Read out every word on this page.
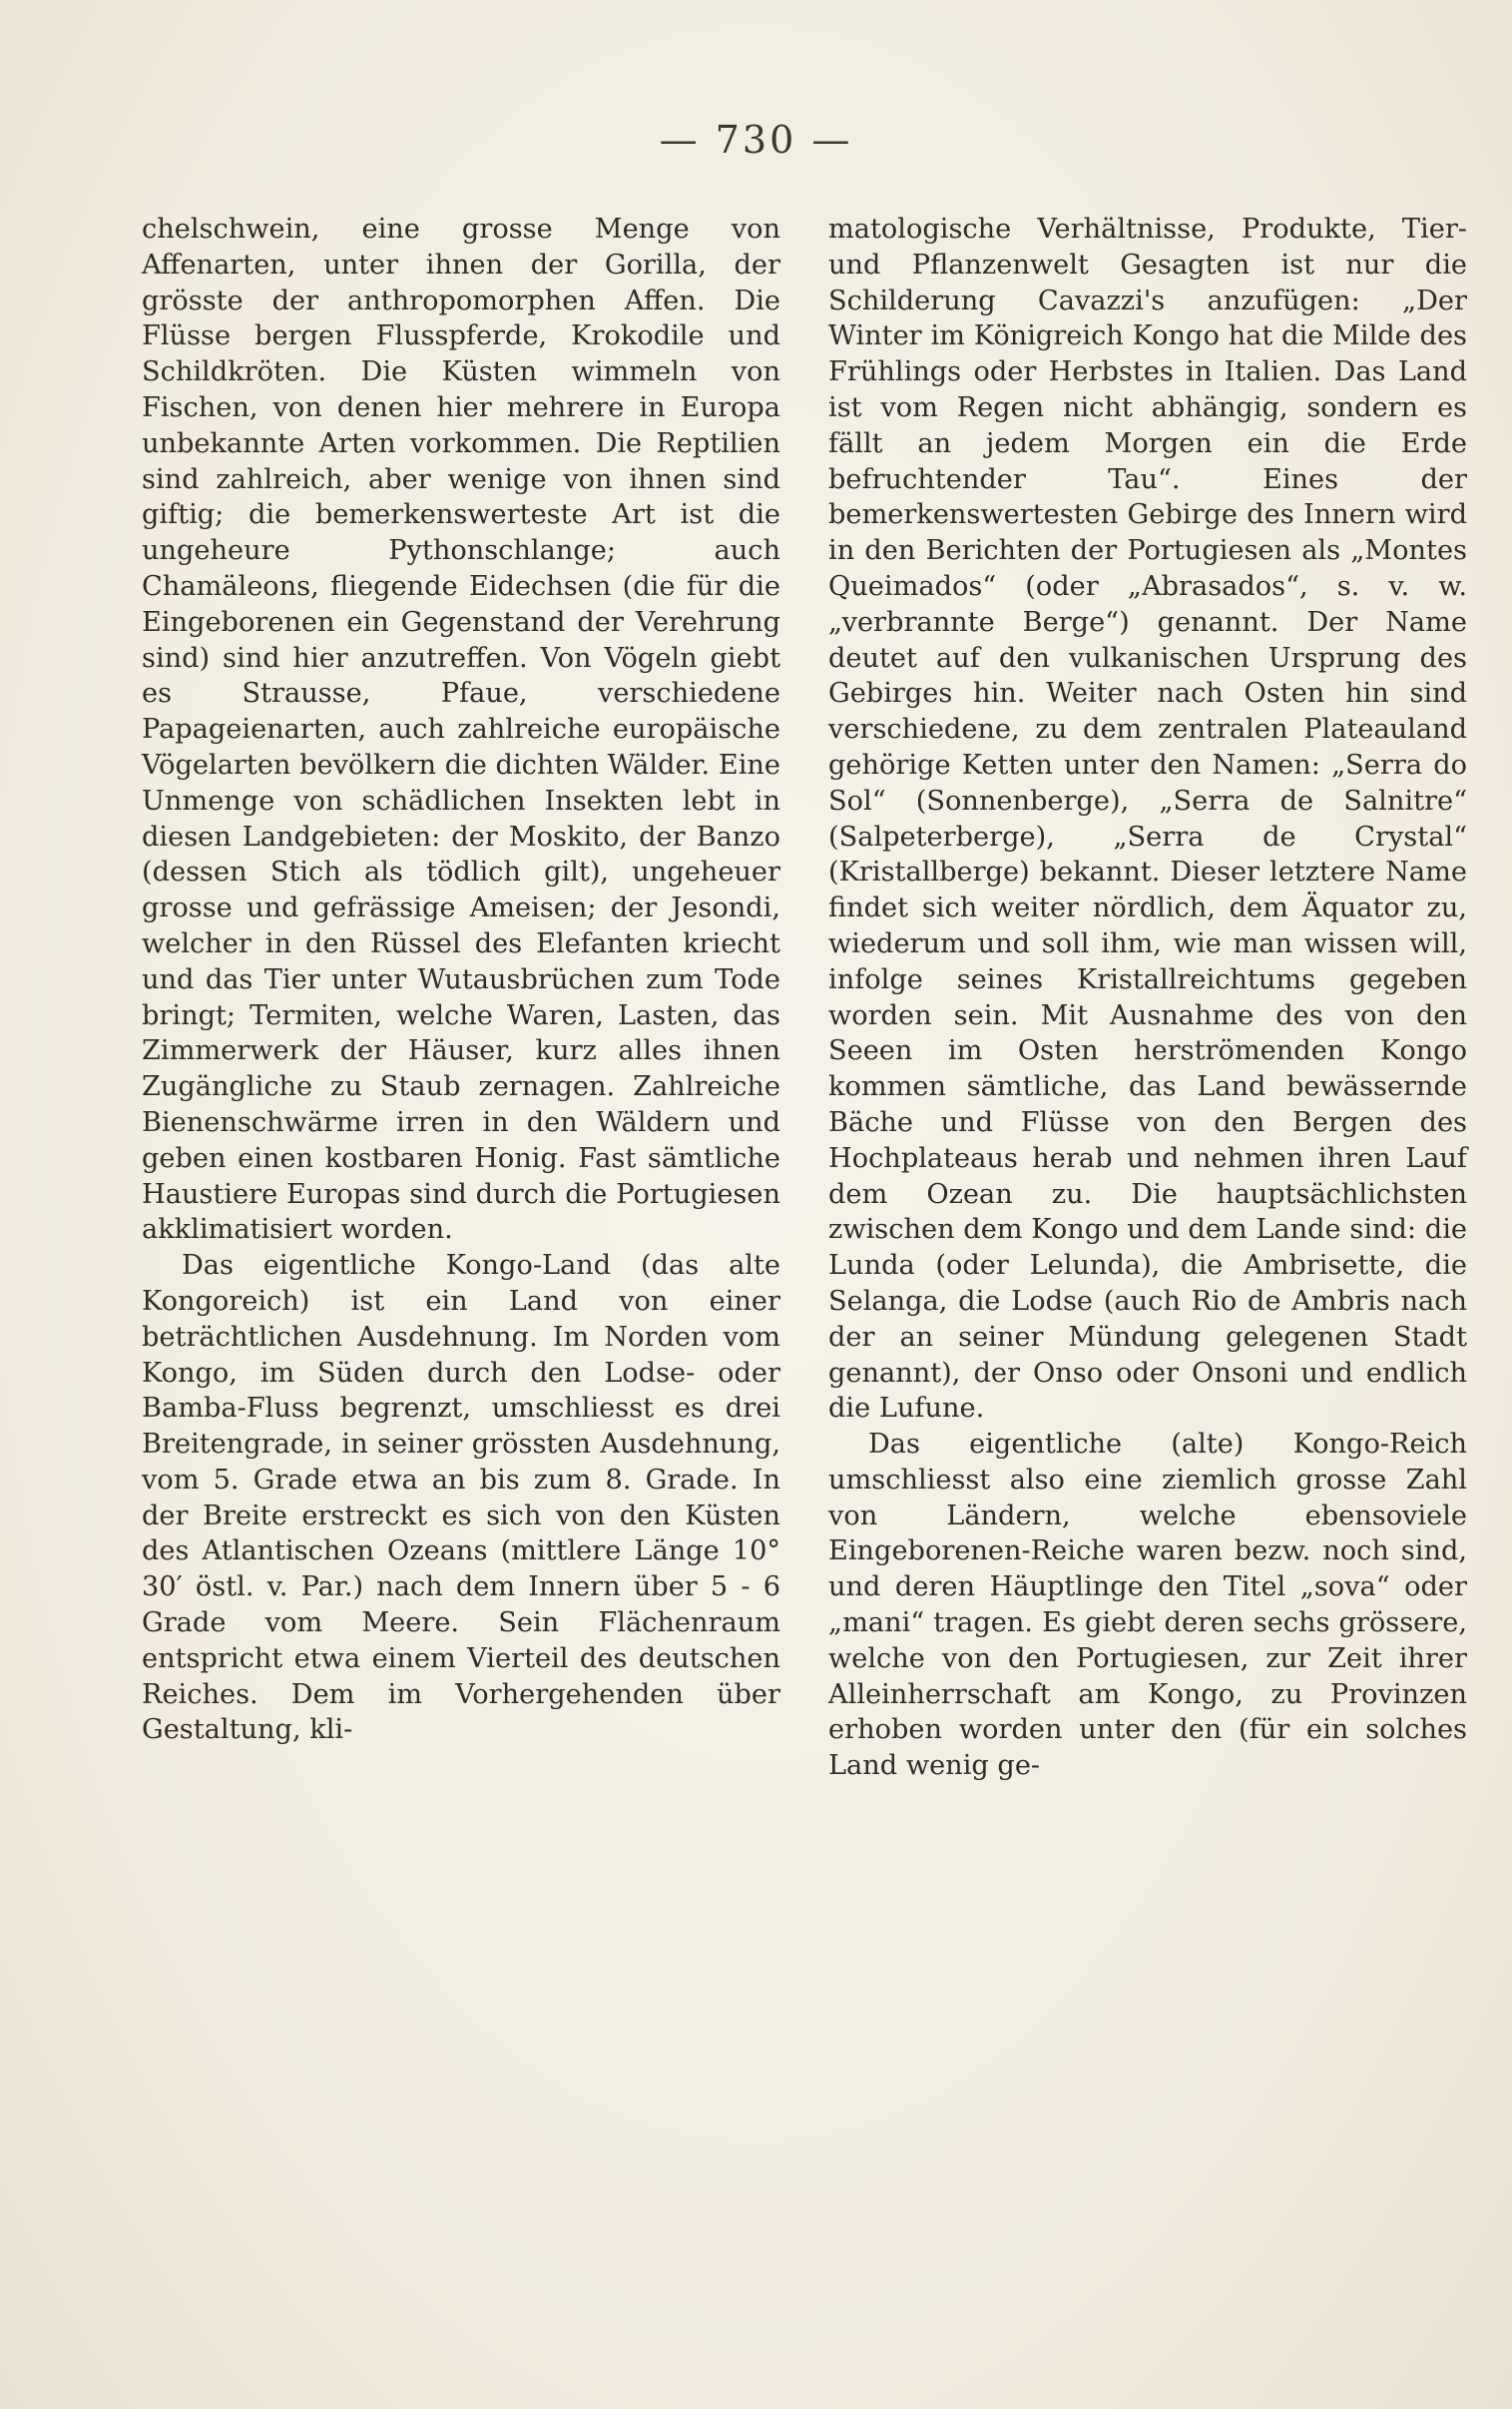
— 730 —

chelschwein, eine grosse Menge von Affenarten, unter ihnen der Gorilla, der grösste der anthropomorphen Affen. Die Flüsse bergen Flusspferde, Krokodile und Schildkröten. Die Küsten wimmeln von Fischen, von denen hier mehrere in Europa unbekannte Arten vorkommen. Die Reptilien sind zahlreich, aber wenige von ihnen sind giftig; die bemerkenswerteste Art ist die ungeheure Pythonschlange; auch Chamäleons, fliegende Eidechsen (die für die Eingeborenen ein Gegenstand der Verehrung sind) sind hier anzutreffen. Von Vögeln giebt es Strausse, Pfaue, verschiedene Papageienarten, auch zahlreiche europäische Vögelarten bevölkern die dichten Wälder. Eine Unmenge von schädlichen Insekten lebt in diesen Landgebieten: der Moskito, der Banzo (dessen Stich als tödlich gilt), ungeheuer grosse und gefrässige Ameisen; der Jesondi, welcher in den Rüssel des Elefanten kriecht und das Tier unter Wutausbrüchen zum Tode bringt; Termiten, welche Waren, Lasten, das Zimmerwerk der Häuser, kurz alles ihnen Zugängliche zu Staub zernagen. Zahlreiche Bienenschwärme irren in den Wäldern und geben einen kostbaren Honig. Fast sämtliche Haustiere Europas sind durch die Portugiesen akklimatisiert worden.

Das eigentliche Kongo-Land (das alte Kongoreich) ist ein Land von einer beträchtlichen Ausdehnung. Im Norden vom Kongo, im Süden durch den Lodse- oder Bamba-Fluss begrenzt, umschliesst es drei Breitengrade, in seiner grössten Ausdehnung, vom 5. Grade etwa an bis zum 8. Grade. In der Breite erstreckt es sich von den Küsten des Atlantischen Ozeans (mittlere Länge 10° 30′ östl. v. Par.) nach dem Innern über 5 - 6 Grade vom Meere. Sein Flächenraum entspricht etwa einem Vierteil des deutschen Reiches. Dem im Vorhergehenden über Gestaltung, kli-

matologische Verhältnisse, Produkte, Tier- und Pflanzenwelt Gesagten ist nur die Schilderung Cavazzi's anzufügen: „Der Winter im Königreich Kongo hat die Milde des Frühlings oder Herbstes in Italien. Das Land ist vom Regen nicht abhängig, sondern es fällt an jedem Morgen ein die Erde befruchtender Tau“. Eines der bemerkenswertesten Gebirge des Innern wird in den Berichten der Portugiesen als „Montes Queimados“ (oder „Abrasados“, s. v. w. „verbrannte Berge“) genannt. Der Name deutet auf den vulkanischen Ursprung des Gebirges hin. Weiter nach Osten hin sind verschiedene, zu dem zentralen Plateauland gehörige Ketten unter den Namen: „Serra do Sol“ (Sonnenberge), „Serra de Salnitre“ (Salpeterberge), „Serra de Crystal“ (Kristallberge) bekannt. Dieser letztere Name findet sich weiter nördlich, dem Äquator zu, wiederum und soll ihm, wie man wissen will, infolge seines Kristallreichtums gegeben worden sein. Mit Ausnahme des von den Seeen im Osten herströmenden Kongo kommen sämtliche, das Land bewässernde Bäche und Flüsse von den Bergen des Hochplateaus herab und nehmen ihren Lauf dem Ozean zu. Die hauptsächlichsten zwischen dem Kongo und dem Lande sind: die Lunda (oder Lelunda), die Ambrisette, die Selanga, die Lodse (auch Rio de Ambris nach der an seiner Mündung gelegenen Stadt genannt), der Onso oder Onsoni und endlich die Lufune.

Das eigentliche (alte) Kongo-Reich umschliesst also eine ziemlich grosse Zahl von Ländern, welche ebensoviele Eingeborenen-Reiche waren bezw. noch sind, und deren Häuptlinge den Titel „sova“ oder „mani“ tragen. Es giebt deren sechs grössere, welche von den Portugiesen, zur Zeit ihrer Alleinherrschaft am Kongo, zu Provinzen erhoben worden unter den (für ein solches Land wenig ge-
